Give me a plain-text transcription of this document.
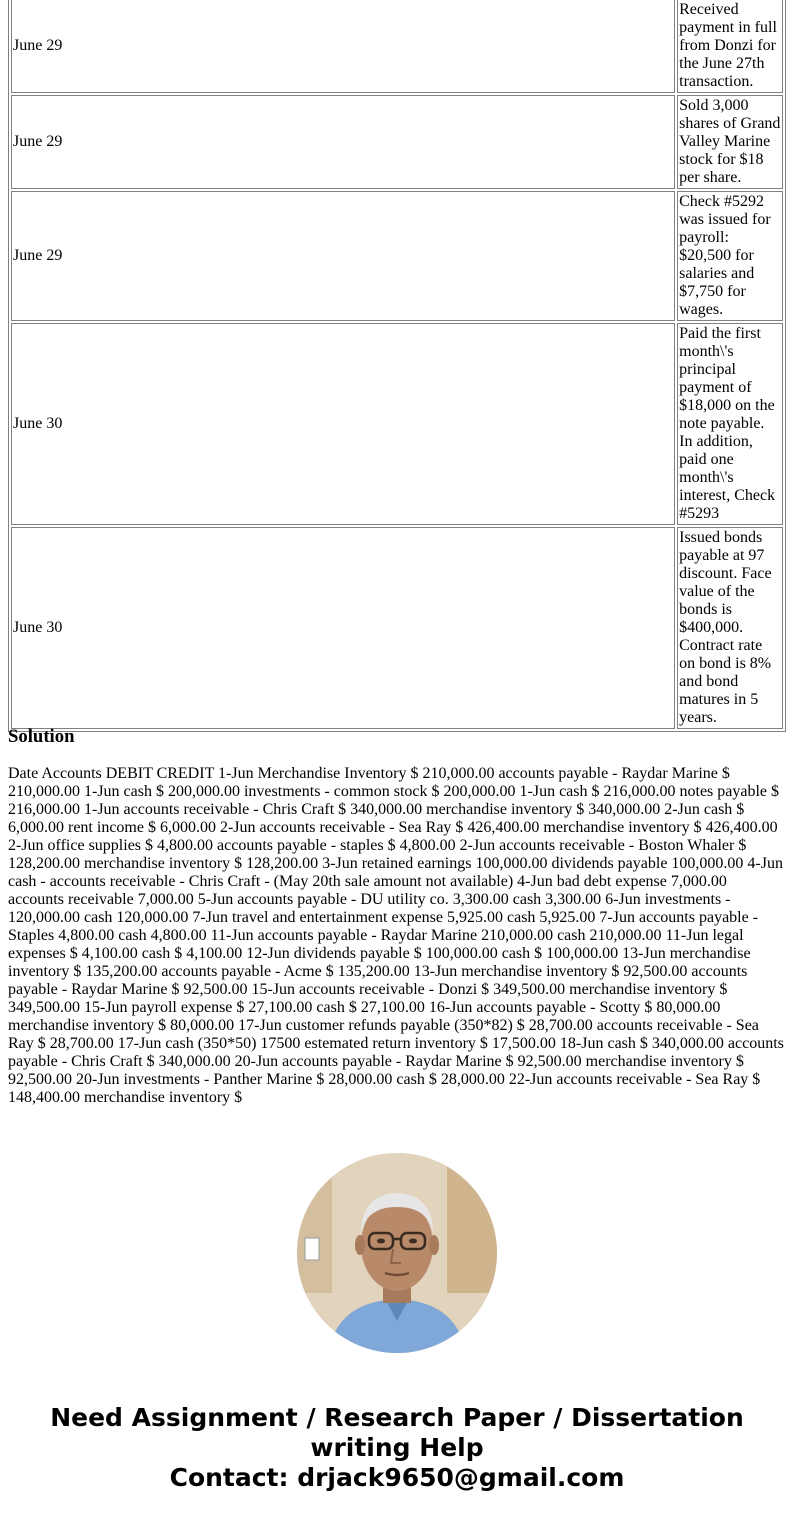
June 29	Received payment in full from Donzi for the June 27th transaction.
June 29	Sold 3,000 shares of Grand Valley Marine stock for $18 per share.
June 29	Check #5292 was issued for payroll: $20,500 for salaries and $7,750 for wages.
June 30	Paid the first month\'s principal payment of $18,000 on the note payable. In addition, paid one month\'s interest, Check #5293
June 30	Issued bonds payable at 97 discount. Face value of the bonds is $400,000. Contract rate on bond is 8% and bond matures in 5 years.
Solution

Date Accounts DEBIT CREDIT 1-Jun Merchandise Inventory $ 210,000.00 accounts payable - Raydar Marine $ 210,000.00 1-Jun cash $ 200,000.00 investments - common stock $ 200,000.00 1-Jun cash $ 216,000.00 notes payable $ 216,000.00 1-Jun accounts receivable - Chris Craft $ 340,000.00 merchandise inventory $ 340,000.00 2-Jun cash $ 6,000.00 rent income $ 6,000.00 2-Jun accounts receivable - Sea Ray $ 426,400.00 merchandise inventory $ 426,400.00 2-Jun office supplies $ 4,800.00 accounts payable - staples $ 4,800.00 2-Jun accounts receivable - Boston Whaler $ 128,200.00 merchandise inventory $ 128,200.00 3-Jun retained earnings 100,000.00 dividends payable 100,000.00 4-Jun cash - accounts receivable - Chris Craft - (May 20th sale amount not available) 4-Jun bad debt expense 7,000.00 accounts receivable 7,000.00 5-Jun accounts payable - DU utility co. 3,300.00 cash 3,300.00 6-Jun investments - 120,000.00 cash 120,000.00 7-Jun travel and entertainment expense 5,925.00 cash 5,925.00 7-Jun accounts payable - Staples 4,800.00 cash 4,800.00 11-Jun accounts payable - Raydar Marine 210,000.00 cash 210,000.00 11-Jun legal expenses $ 4,100.00 cash $ 4,100.00 12-Jun dividends payable $ 100,000.00 cash $ 100,000.00 13-Jun merchandise inventory $ 135,200.00 accounts payable - Acme $ 135,200.00 13-Jun merchandise inventory $ 92,500.00 accounts payable - Raydar Marine $ 92,500.00 15-Jun accounts receivable - Donzi $ 349,500.00 merchandise inventory $ 349,500.00 15-Jun payroll expense $ 27,100.00 cash $ 27,100.00 16-Jun accounts payable - Scotty $ 80,000.00 merchandise inventory $ 80,000.00 17-Jun customer refunds payable (350*82) $ 28,700.00 accounts receivable - Sea Ray $ 28,700.00 17-Jun cash (350*50) 17500 estemated return inventory $ 17,500.00 18-Jun cash $ 340,000.00 accounts payable - Chris Craft $ 340,000.00 20-Jun accounts payable - Raydar Marine $ 92,500.00 merchandise inventory $ 92,500.00 20-Jun investments - Panther Marine $ 28,000.00 cash $ 28,000.00 22-Jun accounts receivable - Sea Ray $ 148,400.00 merchandise inventory $

Need Assignment / Research Paper / Dissertation
writing Help
Contact: drjack9650@gmail.com
